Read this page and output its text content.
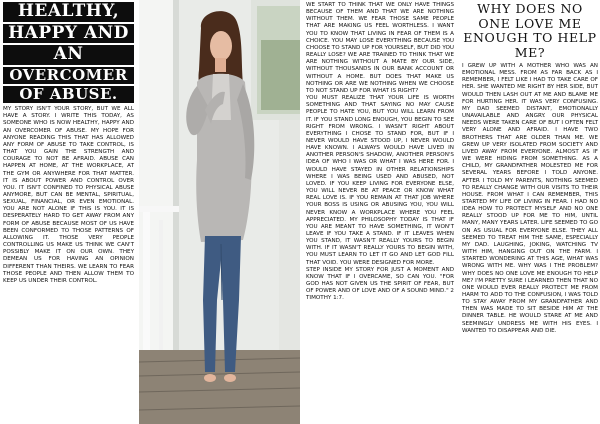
HEALTHY,
HAPPY AND
AN
OVERCOMER
OF ABUSE.

MY STORY ISN'T YOUR STORY, BUT WE ALL HAVE A STORY. I WRITE THIS TODAY, AS SOMEONE WHO IS NOW HEALTHY, HAPPY AND AN OVERCOMER OF ABUSE. MY HOPE FOR ANYONE READING THIS THAT HAS ALLOWED ANY FORM OF ABUSE TO TAKE CONTROL, IS THAT YOU GAIN THE STRENGTH AND COURAGE TO NOT BE AFRAID. ABUSE CAN HAPPEN AT HOME, AT THE WORKPLACE, AT THE GYM OR ANYWHERE FOR THAT MATTER. IT IS ABOUT POWER AND CONTROL OVER YOU. IT ISN'T CONFINED TO PHYSICAL ABUSE ANYMORE, BUT CAN BE MENTAL, SPIRITUAL, SEXUAL, FINANCIAL, OR EVEN EMOTIONAL. YOU ARE NOT ALONE IF THIS IS YOU. IT IS DESPERATELY HARD TO GET AWAY FROM ANY FORM OF ABUSE BECAUSE MOST OF US HAVE BEEN CONFORMED TO THOSE PATTERNS OF ALLOWING IT. THOSE VERY PEOPLE CONTROLLING US MAKE US THINK WE CAN'T POSSIBLY MAKE IT ON OUR OWN. THEY DEMEAN US FOR HAVING AN OPINION DIFFERENT THAN THEIRS. WE LEARN TO FEAR THOSE PEOPLE AND THEN ALLOW THEM TO KEEP US UNDER THEIR CONTROL.

WE START TO THINK THAT WE ONLY HAVE THINGS BECAUSE OF THEM AND THAT WE ARE NOTHING WITHOUT THEM. WE FEAR THOSE SAME PEOPLE THAT ARE MAKING US FEEL WORTHLESS. I WANT YOU TO KNOW THAT LIVING IN FEAR OF THEM IS A CHOICE. YOU MAY LOSE EVERYTHING BECAUSE YOU CHOOSE TO STAND UP FOR YOURSELF, BUT DID YOU REALLY LOSE? WE ARE TRAINED TO THINK THAT WE ARE NOTHING WITHOUT A MATE BY OUR SIDE, WITHOUT THOUSANDS IN OUR BANK ACCOUNT OR WITHOUT A HOME. BUT DOES THAT MAKE US NOTHING OR ARE WE NOTHING WHEN WE CHOOSE TO NOT STAND UP FOR WHAT IS RIGHT?

YOU MUST REALIZE THAT YOUR LIFE IS WORTH SOMETHING AND THAT SAYING NO MAY CAUSE PEOPLE TO HATE YOU, BUT YOU WILL LEARN FROM IT. IF YOU STAND LONG ENOUGH, YOU BEGIN TO SEE RIGHT FROM WRONG. I WASN'T RIGHT ABOUT EVERYTHING I CHOSE TO STAND FOR, BUT IF I NEVER WOULD HAVE STOOD UP, I NEVER WOULD HAVE KNOWN. I ALWAYS WOULD HAVE LIVED IN ANOTHER PERSON'S SHADOW, ANOTHER PERSON'S IDEA OF WHO I WAS OR WHAT I WAS HERE FOR. I WOULD HAVE STAYED IN OTHER RELATIONSHIPS WHERE I WAS BEING USED AND ABUSED, NOT LOVED. IF YOU KEEP LIVING FOR EVERYONE ELSE, YOU WILL NEVER BE AT PEACE OR KNOW WHAT REAL LOVE IS. IF YOU REMAIN AT THAT JOB WHERE YOUR BOSS IS USING OR ABUSING YOU, YOU WILL NEVER KNOW A WORKPLACE WHERE YOU FEEL APPRECIATED. MY PHILOSOPHY TODAY IS THAT IF YOU ARE MEANT TO HAVE SOMETHING, IT WON'T LEAVE IF YOU TAKE A STAND. IF IT LEAVES WHEN YOU STAND, IT WASN'T REALLY YOURS TO BEGIN WITH. IF IT WASN'T REALLY YOURS TO BEGIN WITH, YOU MUST LEARN TO LET IT GO AND LET GOD FILL THAT VOID. YOU WERE DESIGNED FOR MORE.

STEP INSIDE MY STORY FOR JUST A MOMENT AND KNOW THAT IF I OVERCAME, SO CAN YOU. "FOR GOD HAS NOT GIVEN US THE SPIRIT OF FEAR, BUT OF POWER AND OF LOVE AND OF A SOUND MIND." 2 TIMOTHY 1:7.

WHY DOES NO ONE LOVE ME ENOUGH TO HELP ME?

I GREW UP WITH A MOTHER WHO WAS AN EMOTIONAL MESS. FROM AS FAR BACK AS I REMEMBER, I FELT LIKE I HAD TO TAKE CARE OF HER. SHE WANTED ME RIGHT BY HER SIDE, BUT WOULD THEN LASH OUT AT ME AND BLAME ME FOR HURTING HER. IT WAS VERY CONFUSING. MY DAD SEEMED DISTANT, EMOTIONALLY UNAVAILABLE AND ANGRY. OUR PHYSICAL NEEDS WERE TAKEN CARE OF BUT I OFTEN FELT VERY ALONE AND AFRAID. I HAVE TWO BROTHERS THAT ARE OLDER THAN ME. WE GREW UP VERY ISOLATED FROM SOCIETY AND LIVED AWAY FROM EVERYONE. ALMOST AS IF WE WERE HIDING FROM SOMETHING. AS A CHILD, MY GRANDFATHER MOLESTED ME FOR SEVERAL YEARS BEFORE I TOLD ANYONE. AFTER I TOLD MY PARENTS, NOTHING SEEMED TO REALLY CHANGE WITH OUR VISITS TO THEIR HOUSE. FROM WHAT I CAN REMEMBER, THIS STARTED MY LIFE OF LIVING IN FEAR. I HAD NO IDEA HOW TO PROTECT MYSELF AND NO ONE REALLY STOOD UP FOR ME TO HIM, UNTIL MANY, MANY YEARS LATER. LIFE SEEMED TO GO ON AS USUAL FOR EVERYONE ELSE. THEY ALL SEEMED TO TREAT HIM THE SAME, ESPECIALLY MY DAD. LAUGHING, JOKING, WATCHING TV WITH HIM, HANGING OUT ON THE FARM. I STARTED WONDERING AT THIS AGE, WHAT WAS WRONG WITH ME. WHY WAS I THE PROBLEM? WHY DOES NO ONE LOVE ME ENOUGH TO HELP ME? I'M PRETTY SURE I LEARNED THEN THAT NO ONE WOULD EVER REALLY PROTECT ME FROM HARM TO ADD TO THE CONFUSION, I WAS TOLD TO STAY AWAY FROM MY GRANDFATHER AND THEN WAS MADE TO SIT BESIDE HIM AT THE DINNER TABLE. HE WOULD STARE AT ME AND SEEMINGLY UNDRESS ME WITH HIS EYES. I WANTED TO DISAPPEAR AND DIE.
